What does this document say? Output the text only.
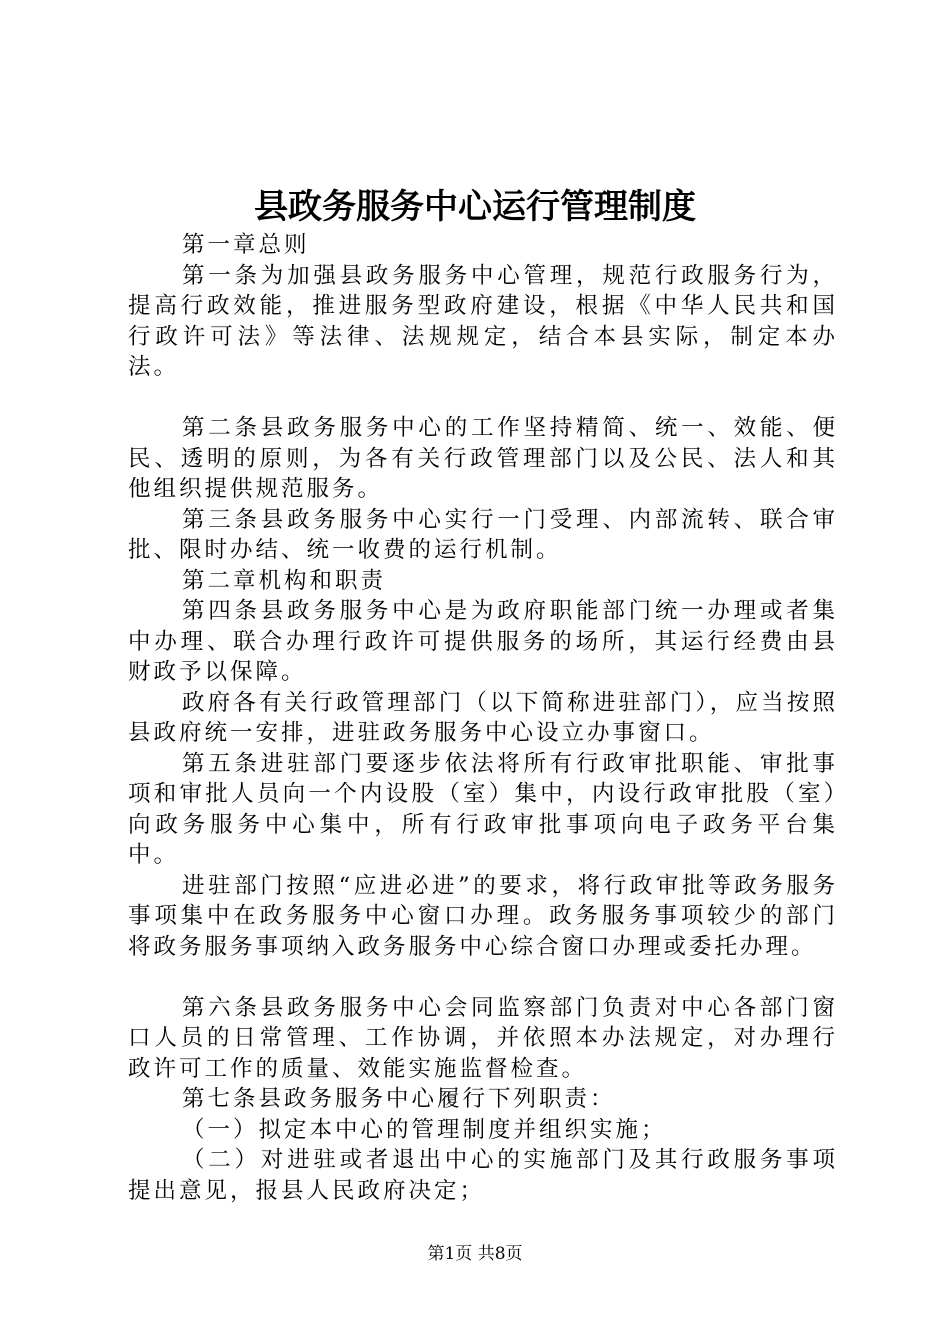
县政务服务中心运行管理制度

第一章总则

第一条为加强县政务服务中心管理，规范行政服务行为，提高行政效能，推进服务型政府建设，根据《中华人民共和国行政许可法》等法律、法规规定，结合本县实际，制定本办法。

第二条县政务服务中心的工作坚持精简、统一、效能、便民、透明的原则，为各有关行政管理部门以及公民、法人和其他组织提供规范服务。

第三条县政务服务中心实行一门受理、内部流转、联合审批、限时办结、统一收费的运行机制。

第二章机构和职责

第四条县政务服务中心是为政府职能部门统一办理或者集中办理、联合办理行政许可提供服务的场所，其运行经费由县财政予以保障。

政府各有关行政管理部门（以下简称进驻部门），应当按照县政府统一安排，进驻政务服务中心设立办事窗口。

第五条进驻部门要逐步依法将所有行政审批职能、审批事项和审批人员向一个内设股（室）集中，内设行政审批股（室）向政务服务中心集中，所有行政审批事项向电子政务平台集中。

进驻部门按照“应进必进”的要求，将行政审批等政务服务事项集中在政务服务中心窗口办理。政务服务事项较少的部门将政务服务事项纳入政务服务中心综合窗口办理或委托办理。

第六条县政务服务中心会同监察部门负责对中心各部门窗口人员的日常管理、工作协调，并依照本办法规定，对办理行政许可工作的质量、效能实施监督检查。

第七条县政务服务中心履行下列职责：

（一）拟定本中心的管理制度并组织实施；

（二）对进驻或者退出中心的实施部门及其行政服务事项提出意见，报县人民政府决定；

第1页 共8页
